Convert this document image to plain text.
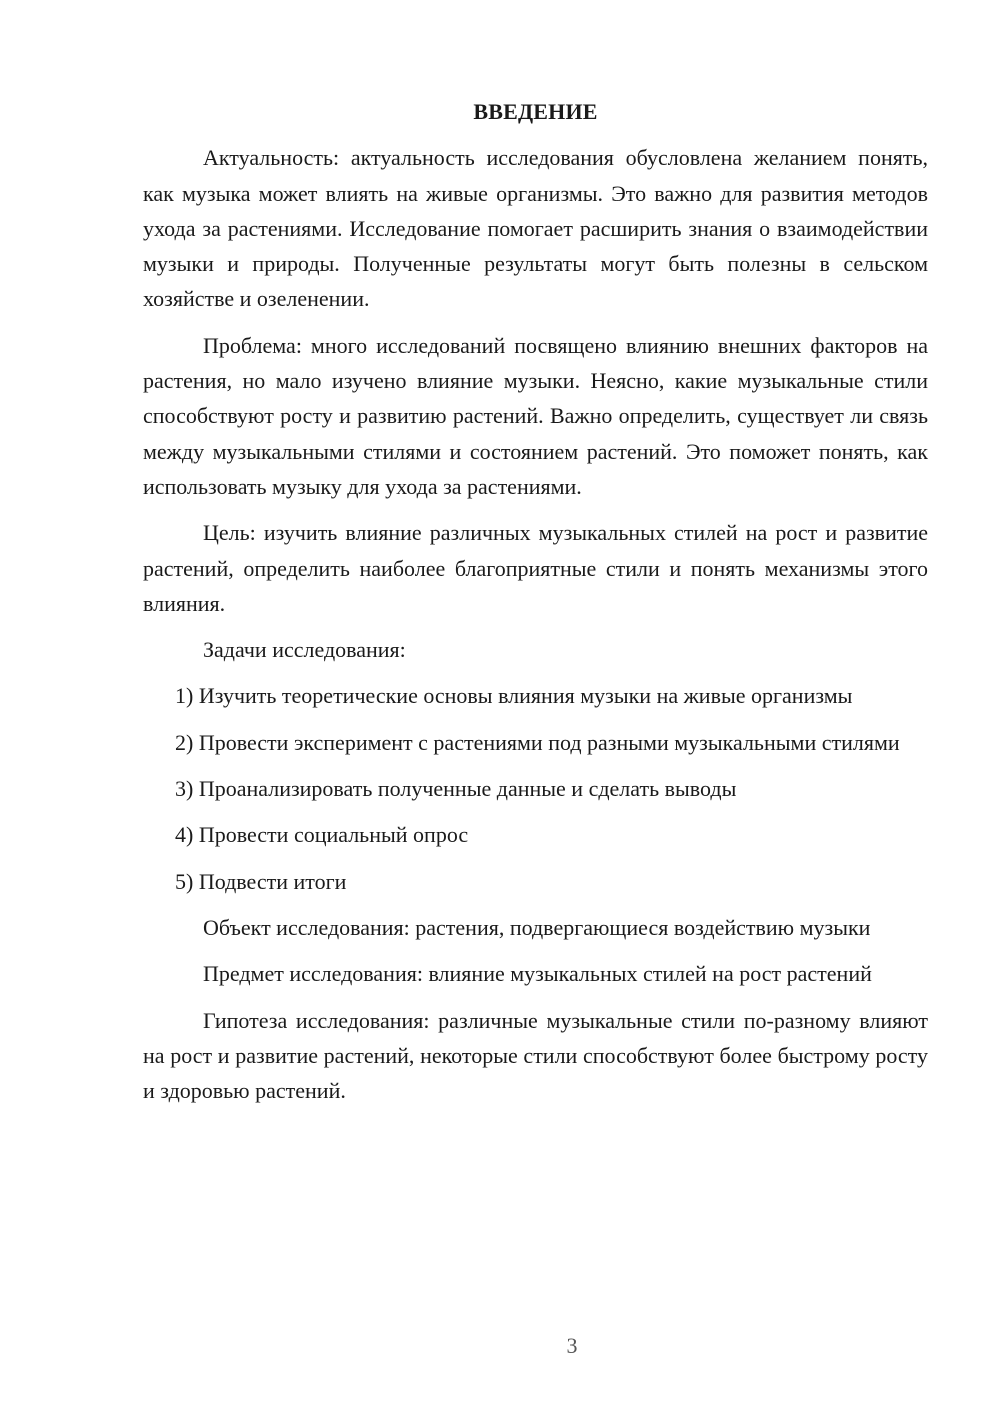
ВВЕДЕНИЕ

Актуальность: актуальность исследования обусловлена желанием понять, как музыка может влиять на живые организмы. Это важно для развития методов ухода за растениями. Исследование помогает расширить знания о взаимодействии музыки и природы. Полученные результаты могут быть полезны в сельском хозяйстве и озеленении.

Проблема: много исследований посвящено влиянию внешних факторов на растения, но мало изучено влияние музыки. Неясно, какие музыкальные стили способствуют росту и развитию растений. Важно определить, существует ли связь между музыкальными стилями и состоянием растений. Это поможет понять, как использовать музыку для ухода за растениями.

Цель: изучить влияние различных музыкальных стилей на рост и развитие растений, определить наиболее благоприятные стили и понять механизмы этого влияния.

Задачи исследования:

1) Изучить теоретические основы влияния музыки на живые организмы

2) Провести эксперимент с растениями под разными музыкальными стилями

3) Проанализировать полученные данные и сделать выводы

4) Провести социальный опрос

5) Подвести итоги

Объект исследования: растения, подвергающиеся воздействию музыки

Предмет исследования: влияние музыкальных стилей на рост растений

Гипотеза исследования: различные музыкальные стили по-разному влияют на рост и развитие растений, некоторые стили способствуют более быстрому росту и здоровью растений.

3
